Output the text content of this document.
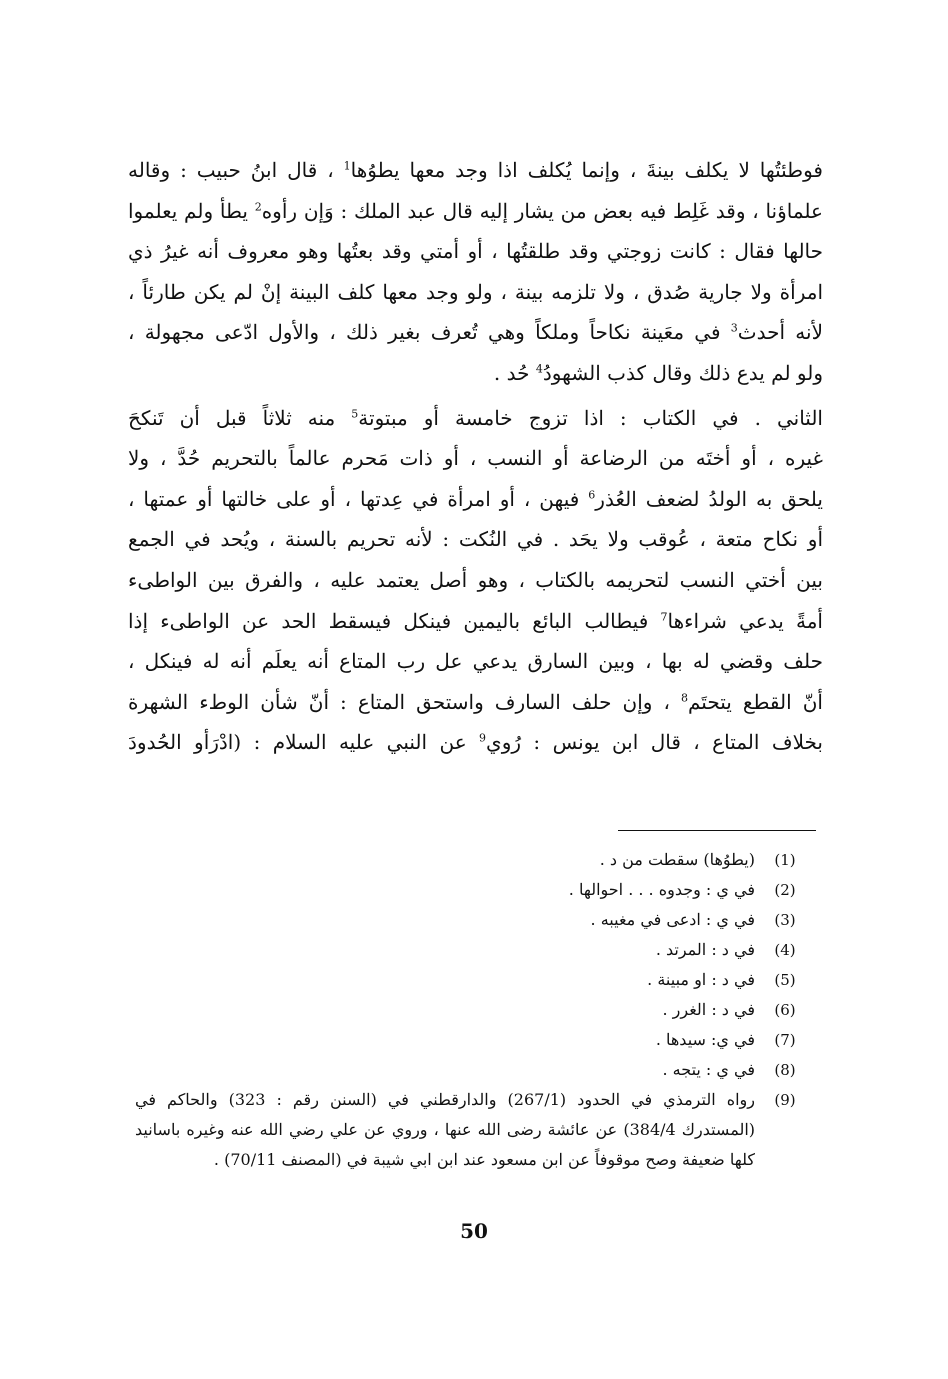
فوطئتُها لا يكلف بينةَ ، وإنما يُكلف اذا وجد معها يطوُها$^1$ ، قال ابنُ حبيب : وقاله
علماؤنا ، وقد غَلِط فيه بعض من يشار إليه قال عبد الملك : وَإن رأوه$^2$ يطأ ولم يعلموا
حالها فقال : كانت زوجتي وقد طلقتُها ، أو أمتي وقد بعتُها وهو معروف أنه غيرُ ذي
امرأة ولا جارية صُدق ، ولا تلزمه بينة ، ولو وجد معها كلف البينة إنْ لم يكن طارئاً ،
لأنه أحدث$^3$ في معَينة نكاحاً وملكاً وهي تُعرف بغير ذلك ، والأول ادّعى مجهولة ،
ولو لم يدع ذلك وقال كذب الشهودُ$^4$ حُد .
الثاني . في الكتاب : اذا تزوج خامسة أو مبتوتة$^5$ منه ثلاثاً قبل أن تَنكحَ
غيره ، أو أختَه من الرضاعة أو النسب ، أو ذات مَحرم عالماً بالتحريم حُدَّ ، ولا
يلحق به الولدُ لضعف العُذر$^6$ فيهن ، أو امرأة في عِدتها ، أو على خالتها أو عمتها ،
أو نكاح متعة ، عُوقب ولا يحَد . في النُكت : لأنه تحريم بالسنة ، ويُحد في الجمع
بين أختي النسب لتحريمه بالكتاب ، وهو أصل يعتمد عليه ، والفرق بين الواطىء
أمةً يدعي شراءها$^7$ فيطالب البائع باليمين فينكل فيسقط الحد عن الواطىء إذا
حلف وقضي له بها ، وبين السارق يدعي عل رب المتاع أنه يعلَم أنه له فينكل ،
أنّ القطع يتحتَم$^8$ ، وإن حلف السارف واستحق المتاع : أنّ شأن الوطء الشهرة
بخلاف المتاع ، قال ابن يونس : رُوي$^9$ عن النبي عليه السلام : (ادْرَأو الحُدودَ
(1)
(يطوُها) سقطت من د .
(2)
في ي : وجدوه . . . احوالها .
(3)
في ي : ادعى في مغيبه .
(4)
في د : المرتد .
(5)
في د : او مبينة .
(6)
في د : الغرر .
(7)
في ي: سيدها .
(8)
في ي : يتجه .
(9)
رواه الترمذي في الحدود (267/1) والدارقطني في (السنن رقم : 323) والحاكم في (المستدرك 384/4) عن عائشة رضى الله عنها ، وروي عن علي رضي الله عنه وغيره باسانيد كلها ضعيفة وصح موقوفاً عن ابن مسعود عند ابن ابي شيبة في (المصنف 70/11) .
50
